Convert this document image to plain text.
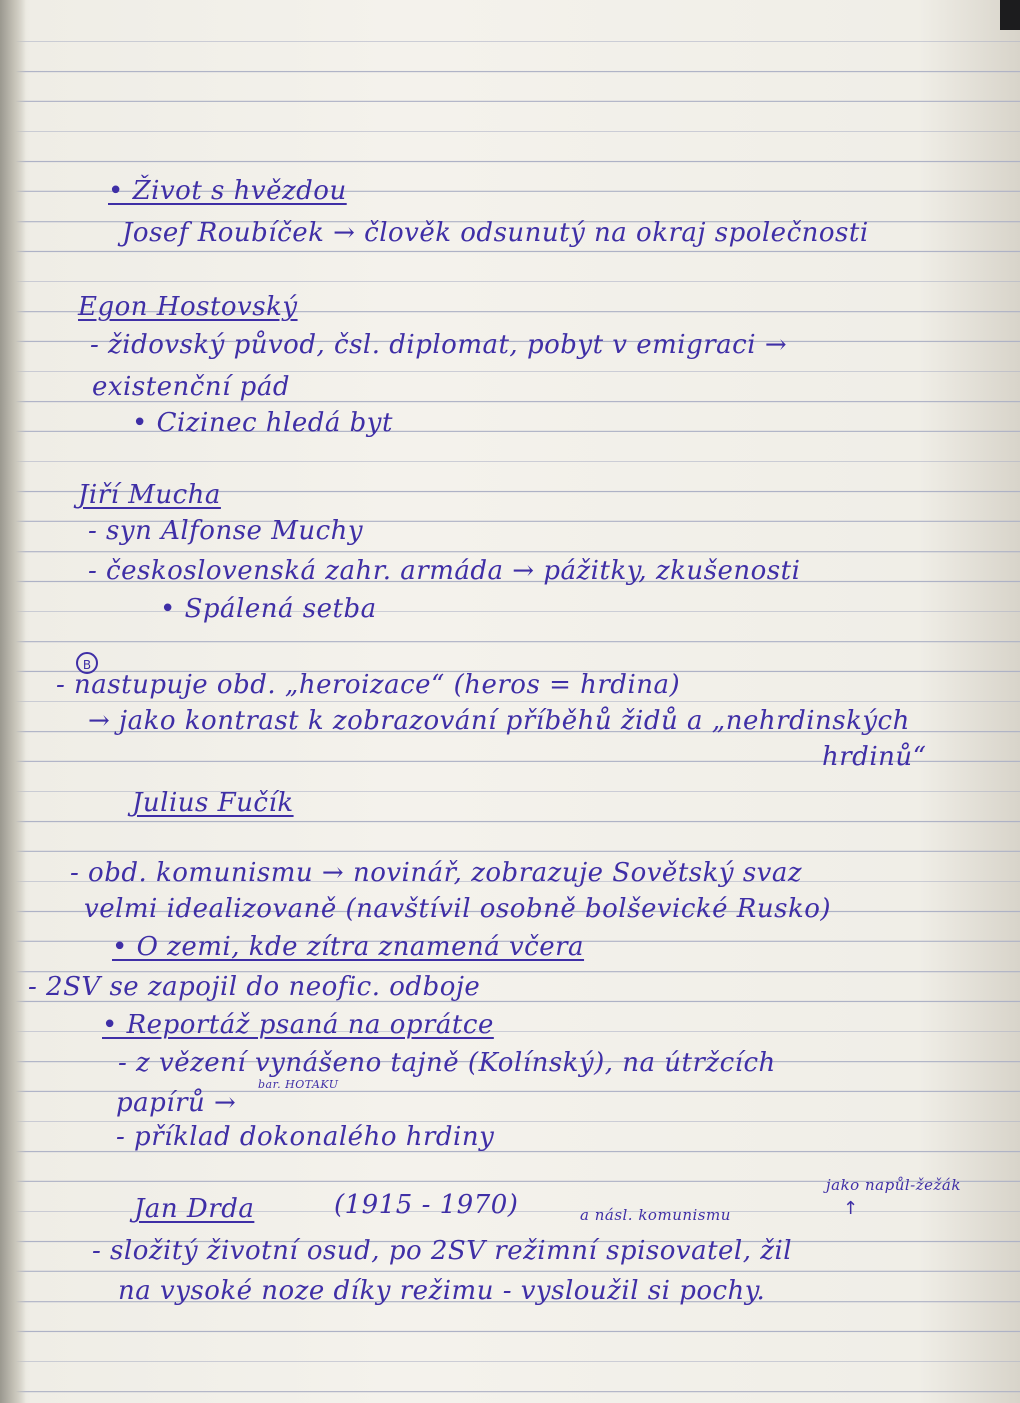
• Život s hvězdou
Josef Roubíček → člověk odsunutý na okraj společnosti
Egon Hostovský
- židovský původ, čsl. diplomat, pobyt v emigraci →
existenční pád
• Cizinec hledá byt
Jiří Mucha
- syn Alfonse Muchy
- československá zahr. armáda → pážitky, zkušenosti
• Spálená setba
B
- nastupuje obd. „heroizace“ (heros = hrdina)
→ jako kontrast k zobrazování příběhů židů a „nehrdinských
hrdinů“
Julius Fučík
- obd. komunismu → novinář, zobrazuje Sovětský svaz
velmi idealizovaně (navštívil osobně bolševické Rusko)
• O zemi, kde zítra znamená včera
- 2SV se zapojil do neofic. odboje
• Reportáž psaná na oprátce
- z vězení vynášeno tajně (Kolínský), na útržcích
papírů →
bar. HOTAKU
- příklad dokonalého hrdiny
Jan Drda	(1915 - 1970)	a násl. komunismu
jako napůl-žežák
↑
- složitý životní osud, po 2SV režimní spisovatel, žil
na vysoké noze díky režimu - vysloužil si pochy.
